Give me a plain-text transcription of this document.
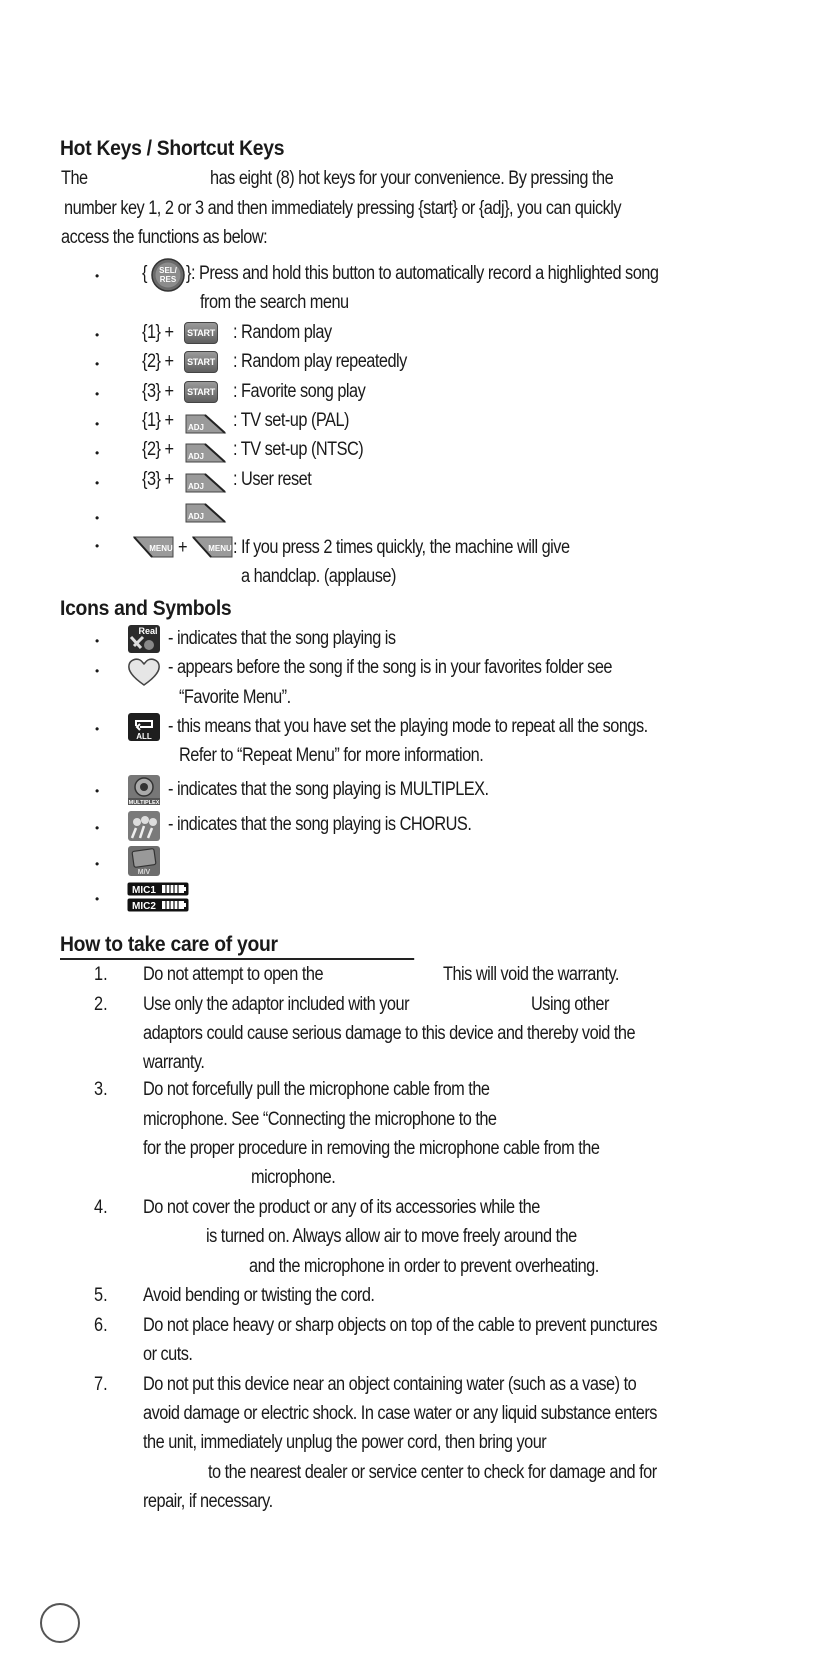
Hot Keys / Shortcut Keys
The	has eight (8) hot keys for your convenience. By pressing the
number key 1, 2 or 3 and then immediately pressing {start} or {adj}, you can quickly
access the functions as below:
• { SEL/
RES }: Press and hold this button to automatically record a highlighted song
from the search menu
• {1} +	START : Random play
• {2} +	START : Random play repeatedly
• {3} +	START : Favorite song play
• {1} + ADJ : TV set-up (PAL)
• {2} + ADJ : TV set-up (NTSC)
• {3} + ADJ : User reset
•	ADJ
•	MENU +	MENU : If you press 2 times quickly, the machine will give
a handclap. (applause)
Icons and Symbols
•
Real - indicates that the song playing is
•	- appears before the song if the song is in your favorites folder see
“Favorite Menu”.
•
ALL - this means that you have set the playing mode to repeat all the songs.
Refer to “Repeat Menu” for more information.
•
MULTIPLEX
- indicates that the song playing is MULTIPLEX.
•	- indicates that the song playing is CHORUS.
•
M/V
•
MIC1
MIC2
How to take care of your
1. Do not attempt to open the	This will void the warranty.
2. Use only the adaptor included with your	Using other
adaptors could cause serious damage to this device and thereby void the
warranty.
3. Do not forcefully pull the microphone cable from the
microphone. See “Connecting the microphone to the
for the proper procedure in removing the microphone cable from the
microphone.
4. Do not cover the product or any of its accessories while the
is turned on. Always allow air to move freely around the
and the microphone in order to prevent overheating.
5. Avoid bending or twisting the cord.
6. Do not place heavy or sharp objects on top of the cable to prevent punctures
or cuts.
7. Do not put this device near an object containing water (such as a vase) to
avoid damage or electric shock. In case water or any liquid substance enters
the unit, immediately unplug the power cord, then bring your
to the nearest dealer or service center to check for damage and for
repair, if necessary.
